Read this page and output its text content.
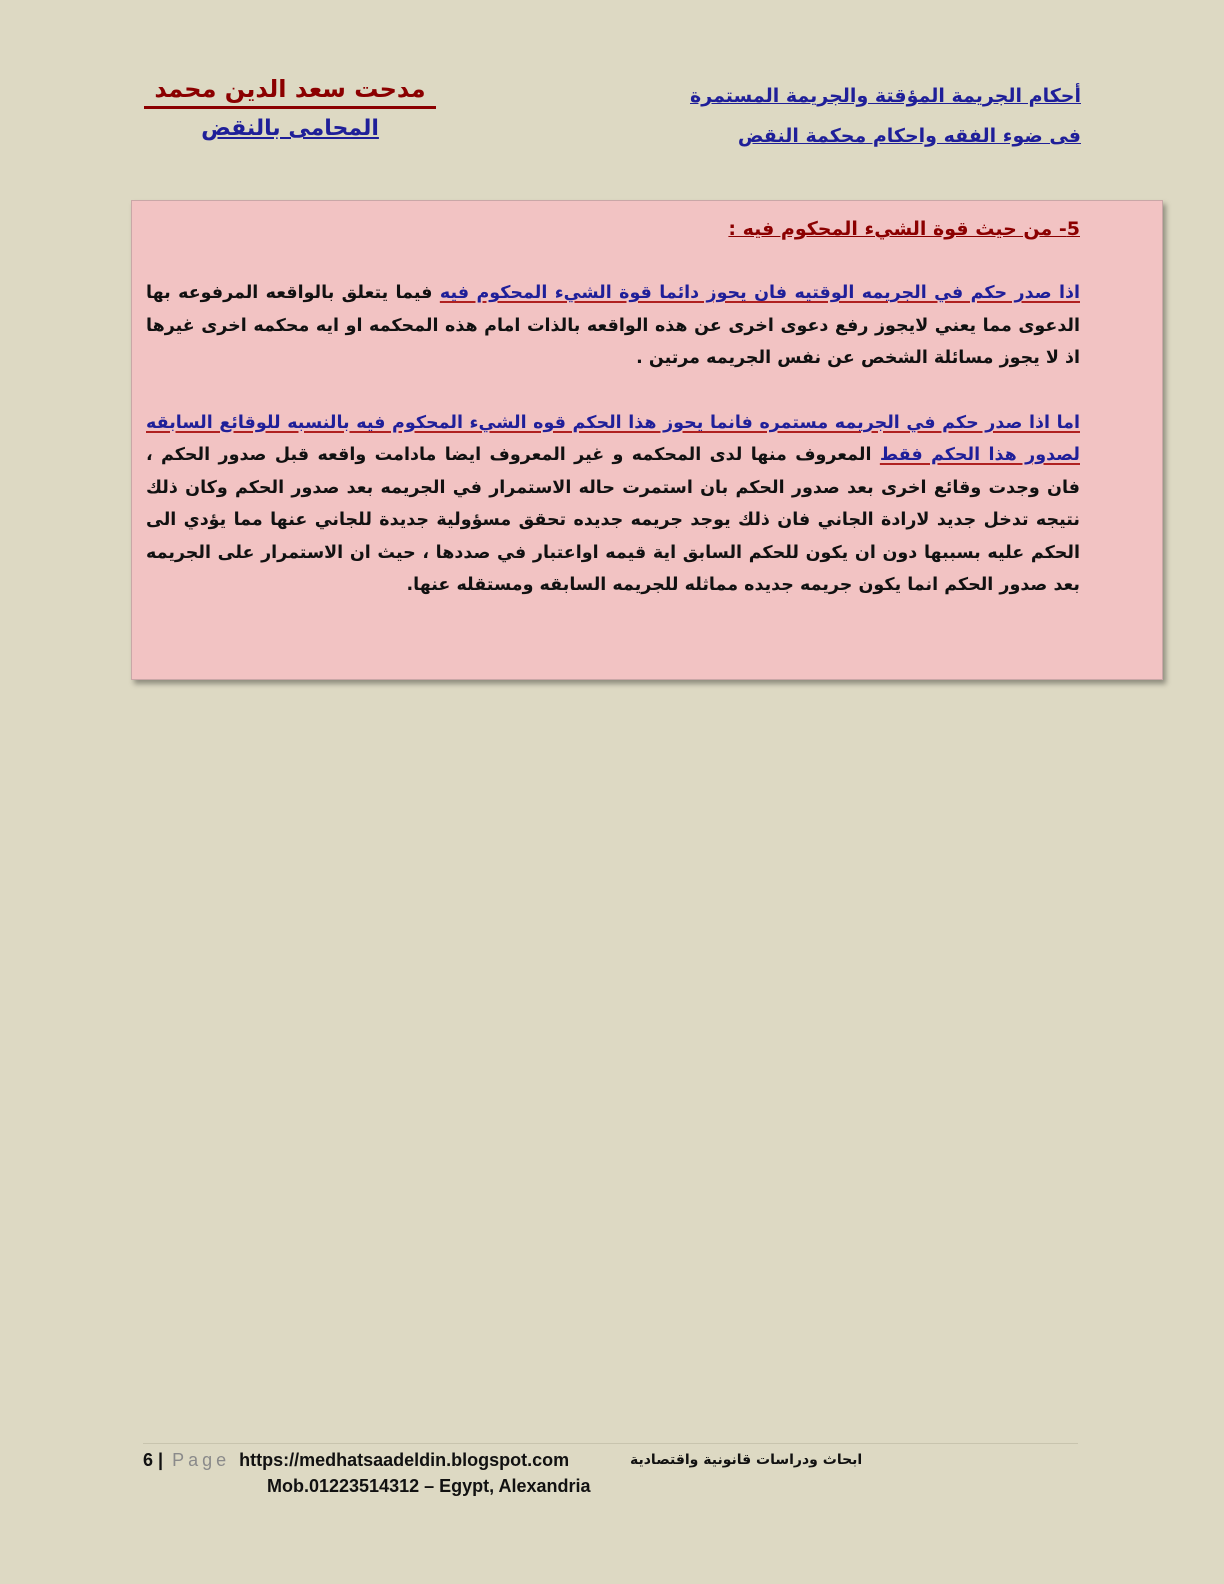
أحكام الجريمة المؤقتة والجريمة المستمرة
فى ضوء الفقه واحكام محكمة النقض
مدحت سعد الدين محمد
المحامى بالنقض
5- من حيث قوة الشيء المحكوم فيه :

اذا صدر حكم في الجريمه الوقتيه فان يحوز دائما قوة الشيء المحكوم فيه فيما يتعلق بالواقعه المرفوعه بها الدعوى مما يعني لايجوز رفع دعوى اخرى عن هذه الواقعه بالذات امام هذه المحكمه او ايه محكمه اخرى غيرها اذ لا يجوز مسائلة الشخص عن نفس الجريمه مرتين .

اما اذا صدر حكم في الجريمه مستمره فانما يحوز هذا الحكم قوه الشيء المحكوم فيه بالنسبه للوقائع السابقه لصدور هذا الحكم فقط المعروف منها لدى المحكمه و غير المعروف ايضا مادامت واقعه قبل صدور الحكم ، فان وجدت وقائع اخرى بعد صدور الحكم بان استمرت حاله الاستمرار في الجريمه بعد صدور الحكم وكان ذلك نتيجه تدخل جديد لارادة الجاني فان ذلك يوجد جريمه جديده تحقق مسؤولية جديدة للجاني عنها مما يؤدي الى الحكم عليه بسببها دون ان يكون للحكم السابق اية قيمه اواعتبار في صددها ، حيث ان الاستمرار على الجريمه بعد صدور الحكم انما يكون جريمه جديده مماثله للجريمه السابقه ومستقله عنها.

6 | Page https://medhatsaadeldin.blogspot.com	ابحاث ودراسات قانونية واقتصادية
Mob.01223514312 – Egypt, Alexandria
